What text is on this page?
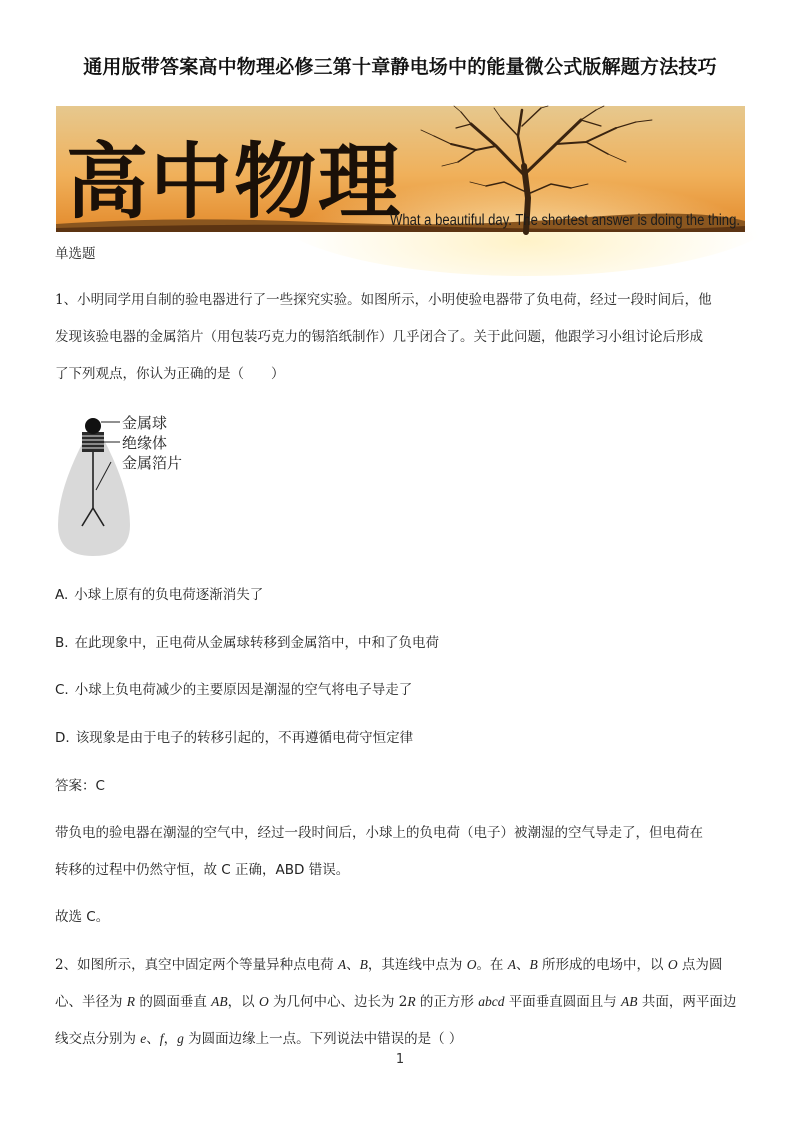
通用版带答案高中物理必修三第十章静电场中的能量微公式版解题方法技巧
高中物理
What a beautiful day. The shortest answer is doing the thing.
单选题
1、小明同学用自制的验电器进行了一些探究实验。如图所示，小明使验电器带了负电荷，经过一段时间后，他
发现该验电器的金属箔片（用包装巧克力的锡箔纸制作）几乎闭合了。关于此问题，他跟学习小组讨论后形成
了下列观点，你认为正确的是（　　）
金属球
绝缘体
金属箔片
A. 小球上原有的负电荷逐渐消失了
B. 在此现象中，正电荷从金属球转移到金属箔中，中和了负电荷
C. 小球上负电荷减少的主要原因是潮湿的空气将电子导走了
D. 该现象是由于电子的转移引起的，不再遵循电荷守恒定律
答案：C
带负电的验电器在潮湿的空气中，经过一段时间后，小球上的负电荷（电子）被潮湿的空气导走了，但电荷在
转移的过程中仍然守恒，故 C 正确，ABD 错误。
故选 C。
2、如图所示，真空中固定两个等量异种点电荷 A、B，其连线中点为 O。在 A、B 所形成的电场中，以 O 点为圆
心、半径为 R 的圆面垂直 AB，以 O 为几何中心、边长为 2R 的正方形 abcd 平面垂直圆面且与 AB 共面，两平面边
线交点分别为 e、f，g 为圆面边缘上一点。下列说法中错误的是（ ）
1
